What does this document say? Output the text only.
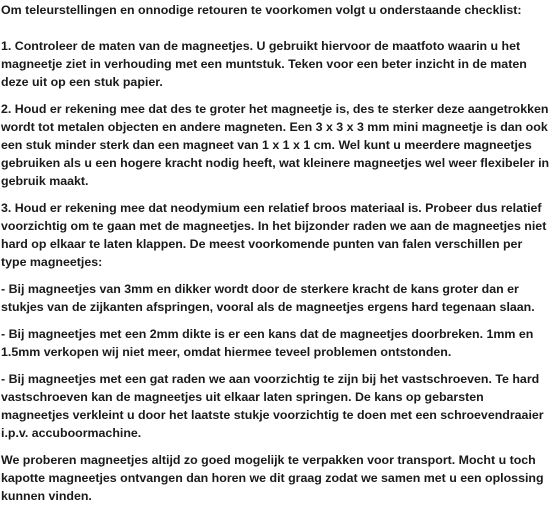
Om teleurstellingen en onnodige retouren te voorkomen volgt u onderstaande checklist:

1. Controleer de maten van de magneetjes. U gebruikt hiervoor de maatfoto waarin u het magneetje ziet in verhouding met een muntstuk. Teken voor een beter inzicht in de maten deze uit op een stuk papier.

2. Houd er rekening mee dat des te groter het magneetje is, des te sterker deze aangetrokken wordt tot metalen objecten en andere magneten. Een 3 x 3 x 3 mm mini magneetje is dan ook een stuk minder sterk dan een magneet van 1 x 1 x 1 cm. Wel kunt u meerdere magneetjes gebruiken als u een hogere kracht nodig heeft, wat kleinere magneetjes wel weer flexibeler in gebruik maakt.

3. Houd er rekening mee dat neodymium een relatief broos materiaal is. Probeer dus relatief voorzichtig om te gaan met de magneetjes. In het bijzonder raden we aan de magneetjes niet hard op elkaar te laten klappen. De meest voorkomende punten van falen verschillen per type magneetjes:

- Bij magneetjes van 3mm en dikker wordt door de sterkere kracht de kans groter dan er stukjes van de zijkanten afspringen, vooral als de magneetjes ergens hard tegenaan slaan.

- Bij magneetjes met een 2mm dikte is er een kans dat de magneetjes doorbreken. 1mm en 1.5mm verkopen wij niet meer, omdat hiermee teveel problemen ontstonden.

- Bij magneetjes met een gat raden we aan voorzichtig te zijn bij het vastschroeven. Te hard vastschroeven kan de magneetjes uit elkaar laten springen. De kans op gebarsten magneetjes verkleint u door het laatste stukje voorzichtig te doen met een schroevendraaier i.p.v. accuboormachine.

We proberen magneetjes altijd zo goed mogelijk te verpakken voor transport. Mocht u toch kapotte magneetjes ontvangen dan horen we dit graag zodat we samen met u een oplossing kunnen vinden.
